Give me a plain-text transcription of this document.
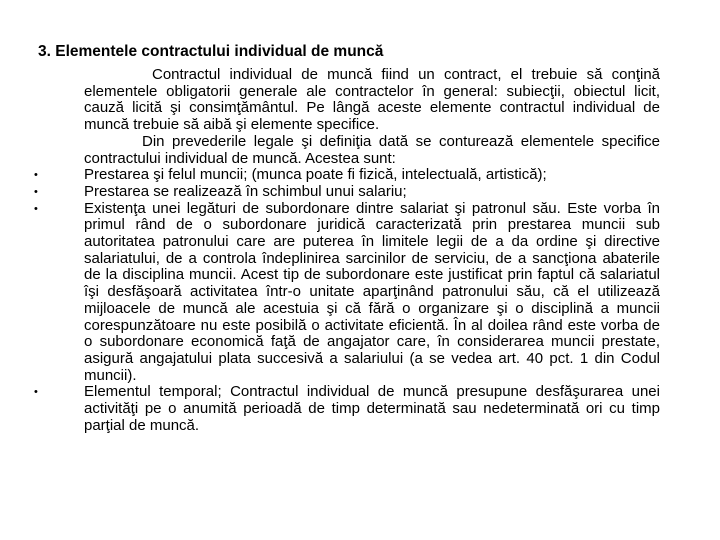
3. Elementele contractului individual de muncă

Contractul individual de muncă fiind un contract, el trebuie să conţină elementele obligatorii generale ale contractelor în general: subiecţii, obiectul licit, cauză licită şi consimţământul. Pe lângă aceste elemente contractul individual de muncă trebuie să aibă şi elemente specifice.

Din prevederile legale şi definiţia dată se conturează elementele specifice contractului individual de muncă. Acestea sunt:

•	Prestarea şi felul muncii; (munca poate fi fizică, intelectuală, artistică);
•	Prestarea se realizează în schimbul unui salariu;
•	Existenţa unei legături de subordonare dintre salariat şi patronul său. Este vorba în primul rând de o subordonare juridică caracterizată prin prestarea muncii sub autoritatea patronului care are puterea în limitele legii de a da ordine şi directive salariatului, de a controla îndeplinirea sarcinilor de serviciu, de a sancţiona abaterile de la disciplina muncii. Acest tip de subordonare este justificat prin faptul că salariatul îşi desfăşoară activitatea într-o unitate aparţinând patronului său, că el utilizează mijloacele de muncă ale acestuia şi că fără o organizare şi o disciplină a muncii corespunzătoare nu este posibilă o activitate eficientă. În al doilea rând este vorba de o subordonare economică faţă de angajator care, în considerarea muncii prestate, asigură angajatului plata succesivă a salariului (a se vedea art. 40 pct. 1 din Codul muncii).
•	Elementul temporal; Contractul individual de muncă presupune desfăşurarea unei activităţi pe o anumită perioadă de timp determinată sau nedeterminată ori cu timp parţial de muncă.
